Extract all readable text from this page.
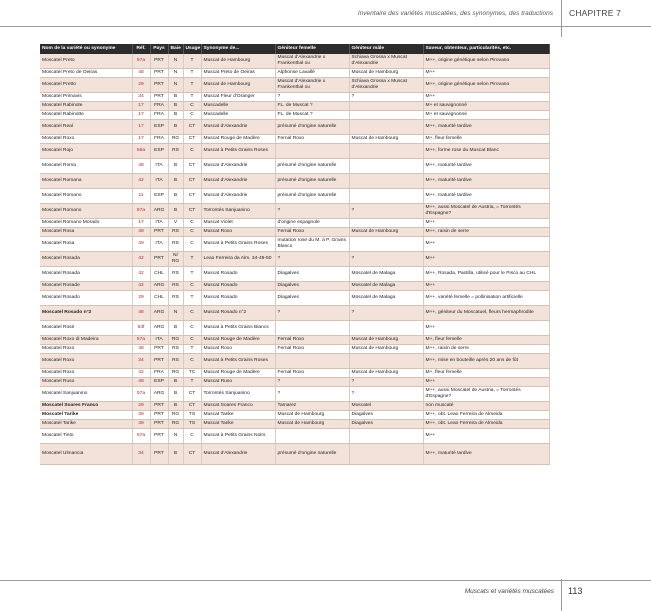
Inventaire des variétés muscatées, des synonymes, des traductions CHAPITRE 7
Nom de la variété ou synonyme	Réf.	Pays	Baie	Usage	Synonyme de...	Géniteur femelle	Géniteur mâle	Saveur, obtenteur, particularités, etc.
Moscatel Preto	57a	PRT	N	T	Muscat de Hambourg	Muscat d'Alexandrie x Frankenthal ou	Schiava Grossa x Muscat d'Alexandrie	M++, origine génétique selon Pirovano
Moscatel Preto de Oeiras	48	PRT	N	T	Muscat Preto de Oeiras	Alphonse Lavallé	Muscat de Hambourg	M++
Moscatel Pretto	29	PRT	N	T	Muscat de Hambourg	Muscat d'Alexandrie x Frankenthal ou	Schiava Grossa x Muscat d'Alexandrie	M++, origine génétique selon Pirovano
Moscatel Primavis	34	PRT	B	T	Muscat Fleur d'Oranger	?	?	M++
Moscatel Rabinote	17	FRA	B	C	Muscadelle	FL. de Muscat ?		M+ et sauvignonné
Moscatel Rabinotte	17	FRA	B	C	Muscadelle	FL. de Muscat ?		M+ et sauvignonné
Moscatel Real	17	ESP	B	CT	Muscat d'Alexandrie	présumé d'origine naturelle		M++, maturité tardive
Moscatel Roxo	17	FRA	RG	CT	Muscat Rouge de Madère	Fernal Roxo	Muscat de Hambourg	M+, fleur femelle
Moscatel Rojo	56a	ESP	RS	C	Muscat à Petits Grains Roses			M++, forme rose du Muscat Blanc
Moscatel Roma	48	ITA	B	CT	Muscat d'Alexandrie	présumé d'origine naturelle		M++, maturité tardive
Moscatel Romana	42	ITA	B	CT	Muscat d'Alexandrie	présumé d'origine naturelle		M++, maturité tardive
Moscatel Romano	11	ESP	B	CT	Muscat d'Alexandrie	présumé d'origine naturelle		M++, maturité tardive
Moscatel Romano	57a	ARG	B	CT	Torrontés Sanjuanino	?	?	M++, aussi Moscatel de Austria, = Torrontés d'Espagne?
Moscatel Romano Morado	17	ITA	V	C	Muscat Violet	d'origine espagnole		M++
Moscatel Rosa	48	PRT	RS	C	Muscat Roxo	Fernal Roxo	Muscat de Hambourg	M++, raisin de serre
Moscatel Rosa	49	ITA	RS	C	Muscat à Petits Grains Roses	mutation rose du M. à P. Grains Blancs		M++
Moscatel Rosada	42	PRT	N/ RG	T	Leao Ferreira da Alm. 34-49-50	?	?	M++
Moscatel Rosada	42	CHL	RS	T	Muscat Rosado	Diagalves	Moscatel de Malaga	M++, Rosada, Pastilla, utilisé pour le Pisco au CHL
Moscatel Rosade	42	ARG	RS	C	Muscat Rosado	Diagalves	Moscatel de Malaga	M++
Moscatel Rosado	29	CHL	RS	T	Muscat Rosado	Diagalves	Moscatel de Malaga	M++, variété femelle = pollinisation artificielle
Moscatel Rosado n°2	48	ARG	N	C	Muscat Rosado n°2	?	?	M++, géniteur du Moscatuel, fleurs hermaphrodite
Moscatel Rosé	63f	ARG	B	C	Muscat à Petits Grains Blancs			M++
Moscatel Roxo di Madeira	57a	ITA	RG	C	Muscat Rouge de Madère	Fernal Roxo	Muscat de Hambourg	M+, fleur femelle
Moscatel Roxo	48	PRT	RS	T	Muscat Roxo	Fernal Roxo	Muscat de Hambourg	M++, raisin de serre
Moscatel Roxo	34	PRT	RS	C	Muscat à Petits Grains Roses			M++, mise en bouteille après 20 ans de fût
Moscatel Roxo	42	FRA	RG	TC	Muscat Rouge de Madère	Fernal Roxo	Muscat de Hambourg	M+, fleur femelle
Moscatel Ruso	48	ESP	B	T	Muscat Ruso	?	?	M++
Moscatel Sanjuanino	57a	ARG	B	CT	Torrontés Sanjuanino	?	?	M++, aussi Moscatel de Austria, = Torrontés d'Espagne?
Moscatel Soares Franco	29	PRT	B	CT	Muscat Soares Franco	Tamarez	Moscatel	non muscaté
Moscatel Tarike	39	PRT	RG	TS	Muscat Tarike	Muscat de Hambourg	Diagalves	M++, obt. Leao Ferreira de Almeida
Moscatel Tarike	39	PRT	RG	TS	Muscat Tarike	Muscat de Hambourg	Diagalves	M++, obt. Leao Ferreira de Almeida
Moscatel Tinto	57a	PRT	N	C	Muscat à Petits Grains Noirs			M++
Moscatel Ulmancia	34	PRT	B	CT	Muscat d'Alexandrie	présumé d'origine naturelle		M++, maturité tardive
Muscats et variétés muscatées 113
